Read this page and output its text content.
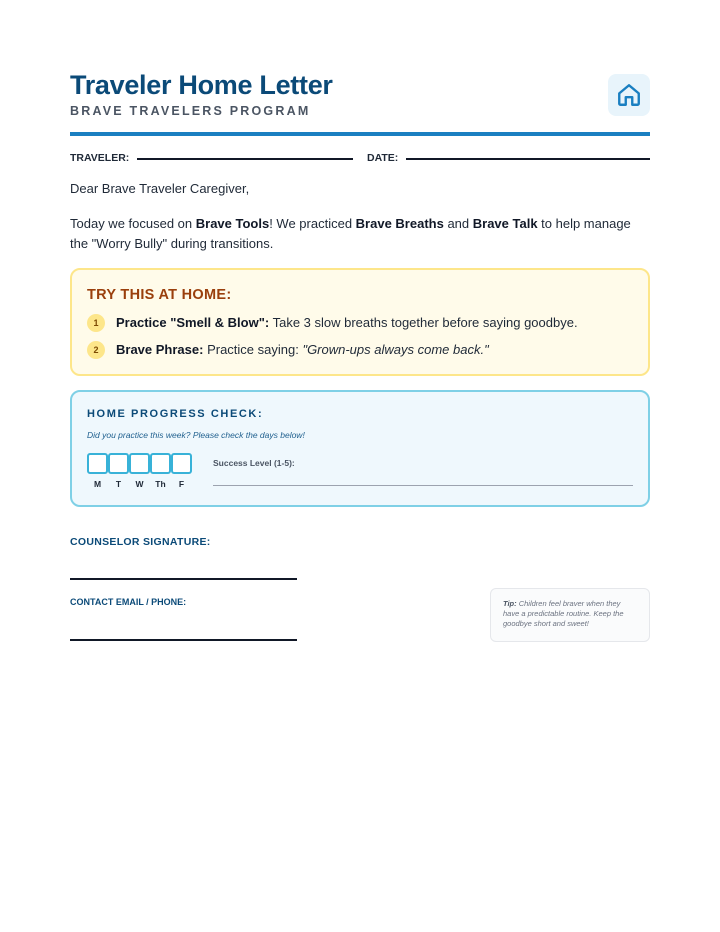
Traveler Home Letter
BRAVE TRAVELERS PROGRAM
TRAVELER:	DATE:
Dear Brave Traveler Caregiver,
Today we focused on Brave Tools! We practiced Brave Breaths and Brave Talk to help manage the "Worry Bully" during transitions.
TRY THIS AT HOME:
1	Practice "Smell & Blow": Take 3 slow breaths together before saying goodbye.
2	Brave Phrase: Practice saying: "Grown-ups always come back."
HOME PROGRESS CHECK:
Did you practice this week? Please check the days below!
M	T	W	Th	F
Success Level (1-5):
COUNSELOR SIGNATURE:
CONTACT EMAIL / PHONE:	Tip: Children feel braver when they have a predictable routine. Keep the goodbye short and sweet!
